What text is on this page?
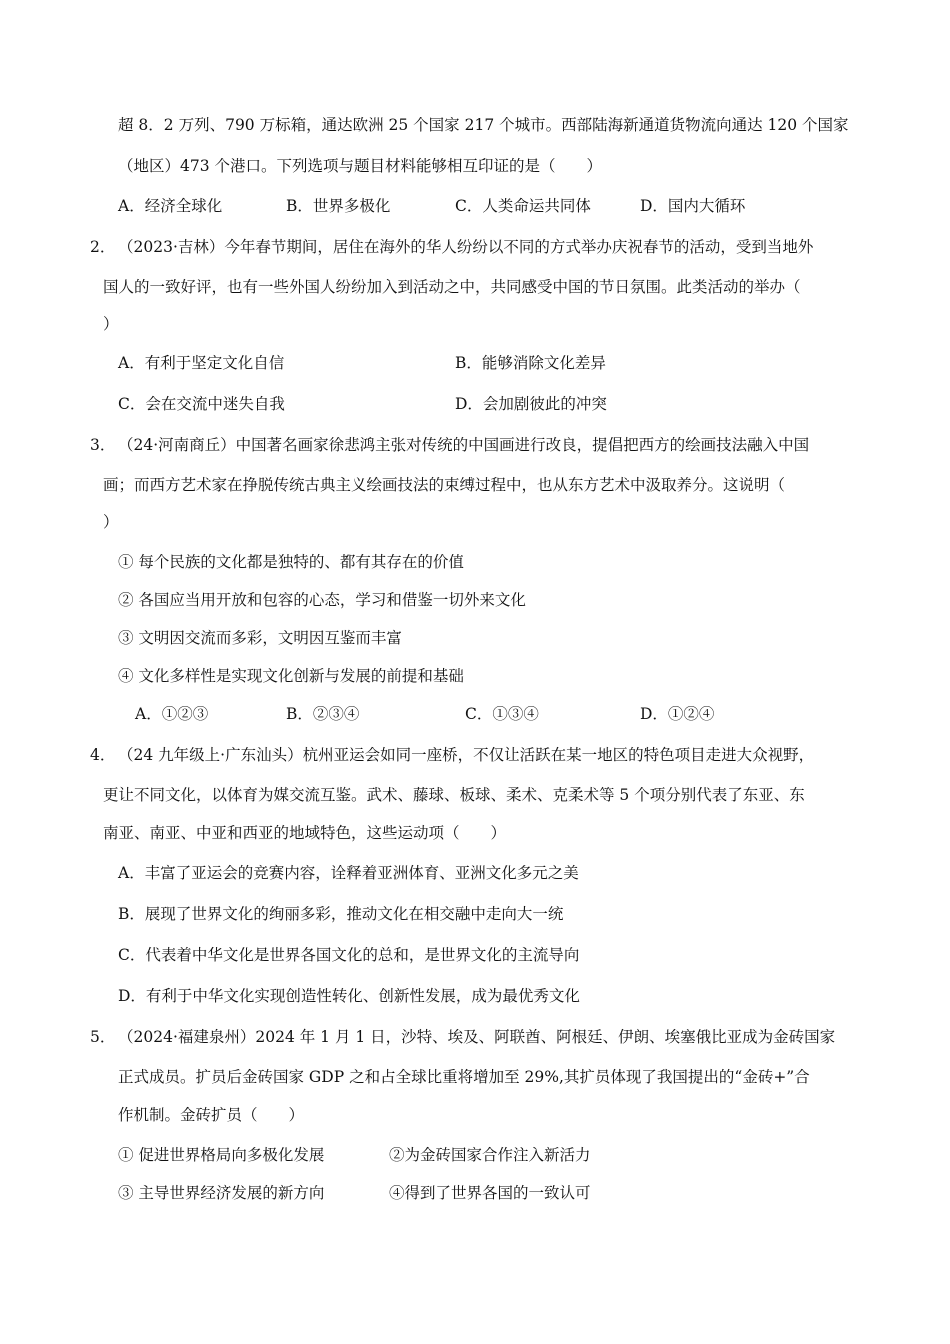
超 8．2 万列、790 万标箱，通达欧洲 25 个国家 217 个城市。西部陆海新通道货物流向通达 120 个国家
（地区）473 个港口。下列选项与题目材料能够相互印证的是（　　）
A．经济全球化	B．世界多极化	C．人类命运共同体	D．国内大循环
2． （2023·吉林）今年春节期间，居住在海外的华人纷纷以不同的方式举办庆祝春节的活动，受到当地外
国人的一致好评，也有一些外国人纷纷加入到活动之中，共同感受中国的节日氛围。此类活动的举办（
）
A．有利于坚定文化自信	B．能够消除文化差异
C．会在交流中迷失自我	D．会加剧彼此的冲突
3． （24·河南商丘）中国著名画家徐悲鸿主张对传统的中国画进行改良，提倡把西方的绘画技法融入中国
画；而西方艺术家在挣脱传统古典主义绘画技法的束缚过程中，也从东方艺术中汲取养分。这说明（
）
① 每个民族的文化都是独特的、都有其存在的价值
② 各国应当用开放和包容的心态，学习和借鉴一切外来文化
③ 文明因交流而多彩，文明因互鉴而丰富
④ 文化多样性是实现文化创新与发展的前提和基础
A．①②③	B．②③④	C．①③④	D．①②④
4． （24 九年级上·广东汕头）杭州亚运会如同一座桥，不仅让活跃在某一地区的特色项目走进大众视野，
更让不同文化，以体育为媒交流互鉴。武术、藤球、板球、柔术、克柔术等 5 个项分别代表了东亚、东
南亚、南亚、中亚和西亚的地域特色，这些运动项（　　）
A．丰富了亚运会的竞赛内容，诠释着亚洲体育、亚洲文化多元之美
B．展现了世界文化的绚丽多彩，推动文化在相交融中走向大一统
C．代表着中华文化是世界各国文化的总和，是世界文化的主流导向
D．有利于中华文化实现创造性转化、创新性发展，成为最优秀文化
5． （2024·福建泉州）2024 年 1 月 1 日，沙特、埃及、阿联酋、阿根廷、伊朗、埃塞俄比亚成为金砖国家
正式成员。扩员后金砖国家 GDP 之和占全球比重将增加至 29%,其扩员体现了我国提出的“金砖+”合
作机制。金砖扩员（　　）
① 促进世界格局向多极化发展	②为金砖国家合作注入新活力
③ 主导世界经济发展的新方向	④得到了世界各国的一致认可
